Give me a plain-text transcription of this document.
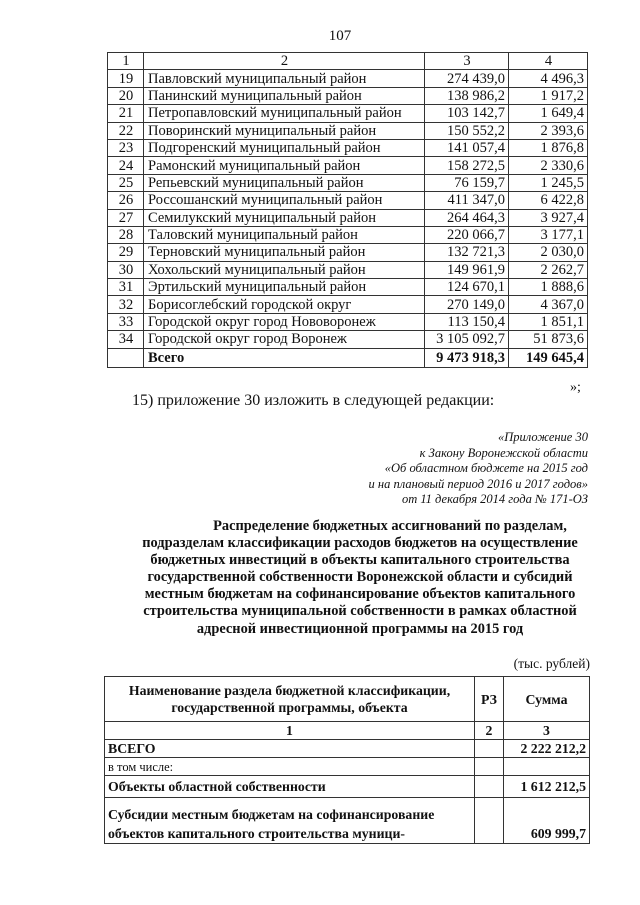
107
1	2	3	4
19	Павловский муниципальный район	274 439,0	4 496,3
20	Панинский муниципальный район	138 986,2	1 917,2
21	Петропавловский муниципальный район	103 142,7	1 649,4
22	Поворинский муниципальный район	150 552,2	2 393,6
23	Подгоренский муниципальный район	141 057,4	1 876,8
24	Рамонский муниципальный район	158 272,5	2 330,6
25	Репьевский муниципальный район	76 159,7	1 245,5
26	Россошанский муниципальный район	411 347,0	6 422,8
27	Семилукский муниципальный район	264 464,3	3 927,4
28	Таловский муниципальный район	220 066,7	3 177,1
29	Терновский муниципальный район	132 721,3	2 030,0
30	Хохольский муниципальный район	149 961,9	2 262,7
31	Эртильский муниципальный район	124 670,1	1 888,6
32	Борисоглебский городской округ	270 149,0	4 367,0
33	Городской округ город Нововоронеж	113 150,4	1 851,1
34	Городской округ город Воронеж	3 105 092,7	51 873,6
	Всего	9 473 918,3	149 645,4
»;
15) приложение 30 изложить в следующей редакции:
«Приложение 30
к Закону Воронежской области
«Об областном бюджете на 2015 год
и на плановый период 2016 и 2017 годов»
от 11 декабря 2014 года № 171-ОЗ
Распределение бюджетных ассигнований по разделам,
подразделам классификации расходов бюджетов на осуществление
бюджетных инвестиций в объекты капитального строительства
государственной собственности Воронежской области и субсидий
местным бюджетам на софинансирование объектов капитального
строительства муниципальной собственности в рамках областной
адресной инвестиционной программы на 2015 год
(тыс. рублей)
Наименование раздела бюджетной классификации, государственной программы, объекта	РЗ	Сумма
1	2	3
ВСЕГО		2 222 212,2
в том числе:		
Объекты областной собственности		1 612 212,5
Субсидии местным бюджетам на софинансирование объектов капитального строительства муници-		609 999,7
